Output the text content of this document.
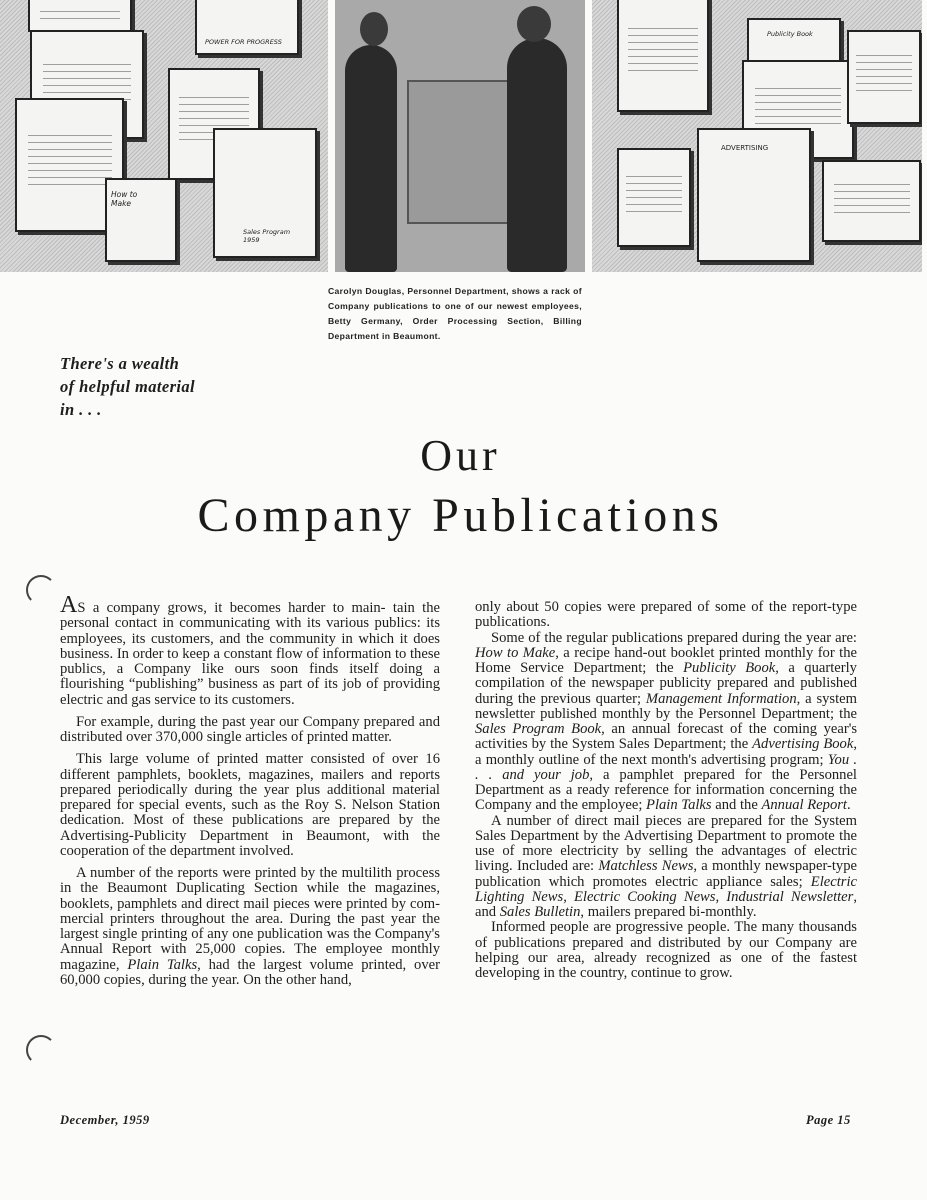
POWER FOR PROGRESS
How to Make
Sales Program 1959
Publicity Book
ADVERTISING
Carolyn Douglas, Personnel Department, shows a rack of Company publications to one of our newest employees, Betty Germany, Order Processing Section, Billing Department in Beaumont.
There's a wealth
of helpful material
in . . .
Our
Company Publications

AS a company grows, it becomes harder to main- tain the personal contact in communicating with its various publics: its employees, its customers, and the community in which it does business. In order to keep a constant flow of information to these publics, a Company like ours soon finds itself doing a flourishing “publishing” business as part of its job of providing electric and gas service to its customers.

For example, during the past year our Company prepared and distributed over 370,000 single articles of printed matter.

This large volume of printed matter consisted of over 16 different pamphlets, booklets, magazines, mailers and reports prepared periodically during the year plus additional material prepared for special events, such as the Roy S. Nelson Station dedication. Most of these publications are prepared by the Advertising-Publicity Department in Beaumont, with the cooperation of the department involved.

A number of the reports were printed by the multilith process in the Beaumont Duplicating Section while the magazines, booklets, pamphlets and direct mail pieces were printed by commercial printers throughout the area. During the past year the largest single printing of any one publication was the Company's Annual Report with 25,000 copies. The employee monthly magazine, Plain Talks, had the largest volume printed, over 60,000 copies, during the year. On the other hand,

only about 50 copies were prepared of some of the report-type publications.

Some of the regular publications prepared during the year are: How to Make, a recipe hand-out booklet printed monthly for the Home Service Department; the Publicity Book, a quarterly compilation of the newspaper publicity prepared and published during the previous quarter; Management Information, a system newsletter published monthly by the Personnel Department; the Sales Program Book, an annual forecast of the coming year's activities by the System Sales Department; the Advertising Book, a monthly outline of the next month's advertising program; You . . . and your job, a pamphlet prepared for the Personnel Department as a ready reference for information concerning the Company and the employee; Plain Talks and the Annual Report.

A number of direct mail pieces are prepared for the System Sales Department by the Advertising Department to promote the use of more electricity by selling the advantages of electric living. Included are: Matchless News, a monthly newspaper-type publication which promotes electric appliance sales; Electric Lighting News, Electric Cooking News, Industrial Newsletter, and Sales Bulletin, mailers prepared bi-monthly.

Informed people are progressive people. The many thousands of publications prepared and distributed by our Company are helping our area, already recognized as one of the fastest developing in the country, continue to grow.

December, 1959	Page 15
